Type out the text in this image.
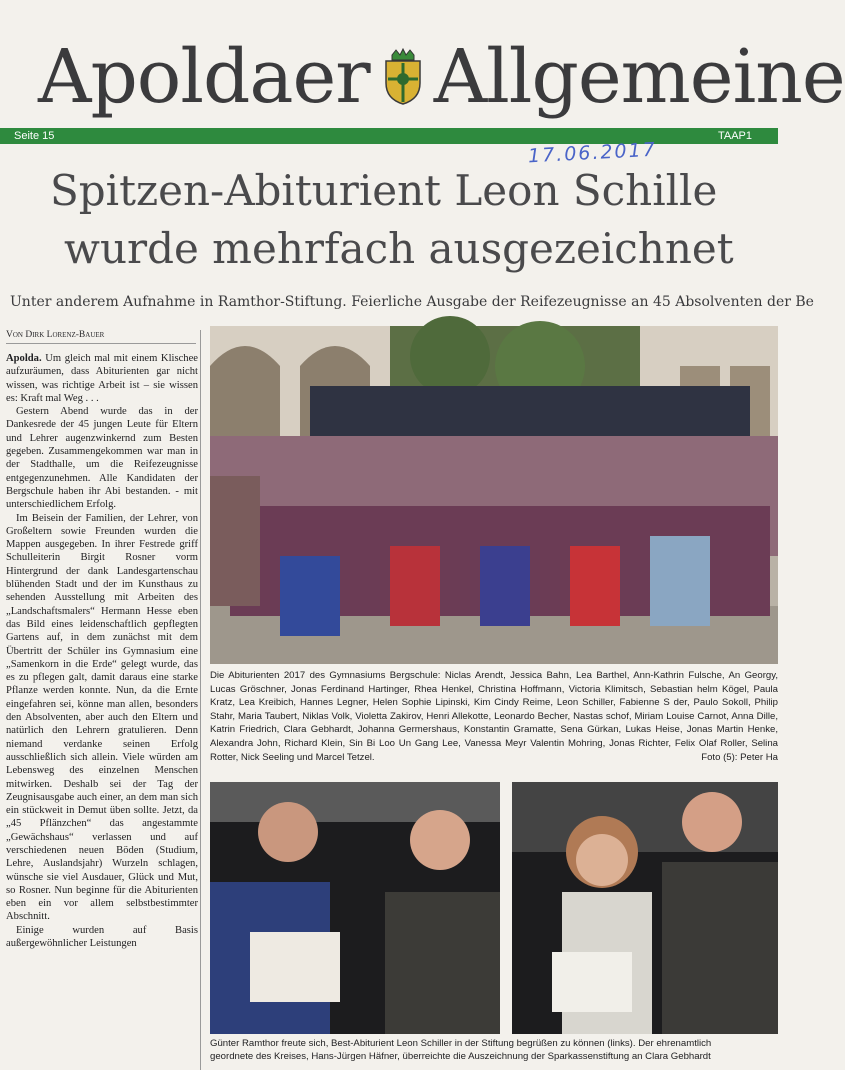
Apoldaer Allgemeine
Seite 15	TAAP1
17.06.2017
Spitzen-Abiturient Leon Schille
wurde mehrfach ausgezeichnet
Unter anderem Aufnahme in Ramthor-Stiftung. Feierliche Ausgabe der Reifezeugnisse an 45 Absolventen der Be
Von Dirk Lorenz-Bauer

Apolda. Um gleich mal mit einem Klischee aufzuräumen, dass Abiturienten gar nicht wissen, was richtige Arbeit ist – sie wissen es: Kraft mal Weg . . .

Gestern Abend wurde das in der Dankesrede der 45 jungen Leute für Eltern und Lehrer augenzwinkernd zum Besten gegeben. Zusammengekommen war man in der Stadthalle, um die Reifezeugnisse entgegenzunehmen. Alle Kandidaten der Bergschule haben ihr Abi bestanden. - mit unterschiedlichem Erfolg.

Im Beisein der Familien, der Lehrer, von Großeltern sowie Freunden wurden die Mappen ausgegeben. In ihrer Festrede griff Schulleiterin Birgit Rosner vorm Hintergrund der dank Landesgartenschau blühenden Stadt und der im Kunsthaus zu sehenden Ausstellung mit Arbeiten des „Landschaftsmalers“ Hermann Hesse eben das Bild eines leidenschaftlich gepflegten Gartens auf, in dem zunächst mit dem Übertritt der Schüler ins Gymnasium eine „Samenkorn in die Erde“ gelegt wurde, das es zu pflegen galt, damit daraus eine starke Pflanze werden konnte. Nun, da die Ernte eingefahren sei, könne man allen, besonders den Absolventen, aber auch den Eltern und natürlich den Lehrern gratulieren. Denn niemand verdanke seinen Erfolg ausschließlich sich allein. Viele würden am Lebensweg des einzelnen Menschen mitwirken. Deshalb sei der Tag der Zeugnisausgabe auch einer, an dem man sich ein stückweit in Demut üben sollte. Jetzt, da „45 Pflänzchen“ das angestammte „Gewächshaus“ verlassen und auf verschiedenen neuen Böden (Studium, Lehre, Auslandsjahr) Wurzeln schlagen, wünsche sie viel Ausdauer, Glück und Mut, so Rosner. Nun beginne für die Abiturienten eben ein vor allem selbstbestimmter Abschnitt.

Einige wurden auf Basis außergewöhnlicher Leistungen

Die Abiturienten 2017 des Gymnasiums Bergschule: Niclas Arendt, Jessica Bahn, Lea Barthel, Ann-Kathrin Fulsche, An Georgy, Lucas Gröschner, Jonas Ferdinand Hartinger, Rhea Henkel, Christina Hoffmann, Victoria Klimitsch, Sebastian helm Kögel, Paula Kratz, Lea Kreibich, Hannes Legner, Helen Sophie Lipinski, Kim Cindy Reime, Leon Schiller, Fabienne S der, Paulo Sokoll, Philip Stahr, Maria Taubert, Niklas Volk, Violetta Zakirov, Henri Allekotte, Leonardo Becher, Nastas schof, Miriam Louise Carnot, Anna Dille, Katrin Friedrich, Clara Gebhardt, Johanna Germershaus, Konstantin Gramatte, Sena Gürkan, Lukas Heise, Jonas Martin Henke, Alexandra John, Richard Klein, Sin Bi Loo Un Gang Lee, Vanessa Meyr Valentin Mohring, Jonas Richter, Felix Olaf Roller, Selina Rotter, Nick Seeling und Marcel Tetzel.	Foto (5): Peter Ha
Günter Ramthor freute sich, Best-Abiturient Leon Schiller in der Stiftung begrüßen zu können (links). Der ehrenamtlich
geordnete des Kreises, Hans-Jürgen Häfner, überreichte die Auszeichnung der Sparkassenstiftung an Clara Gebhardt
